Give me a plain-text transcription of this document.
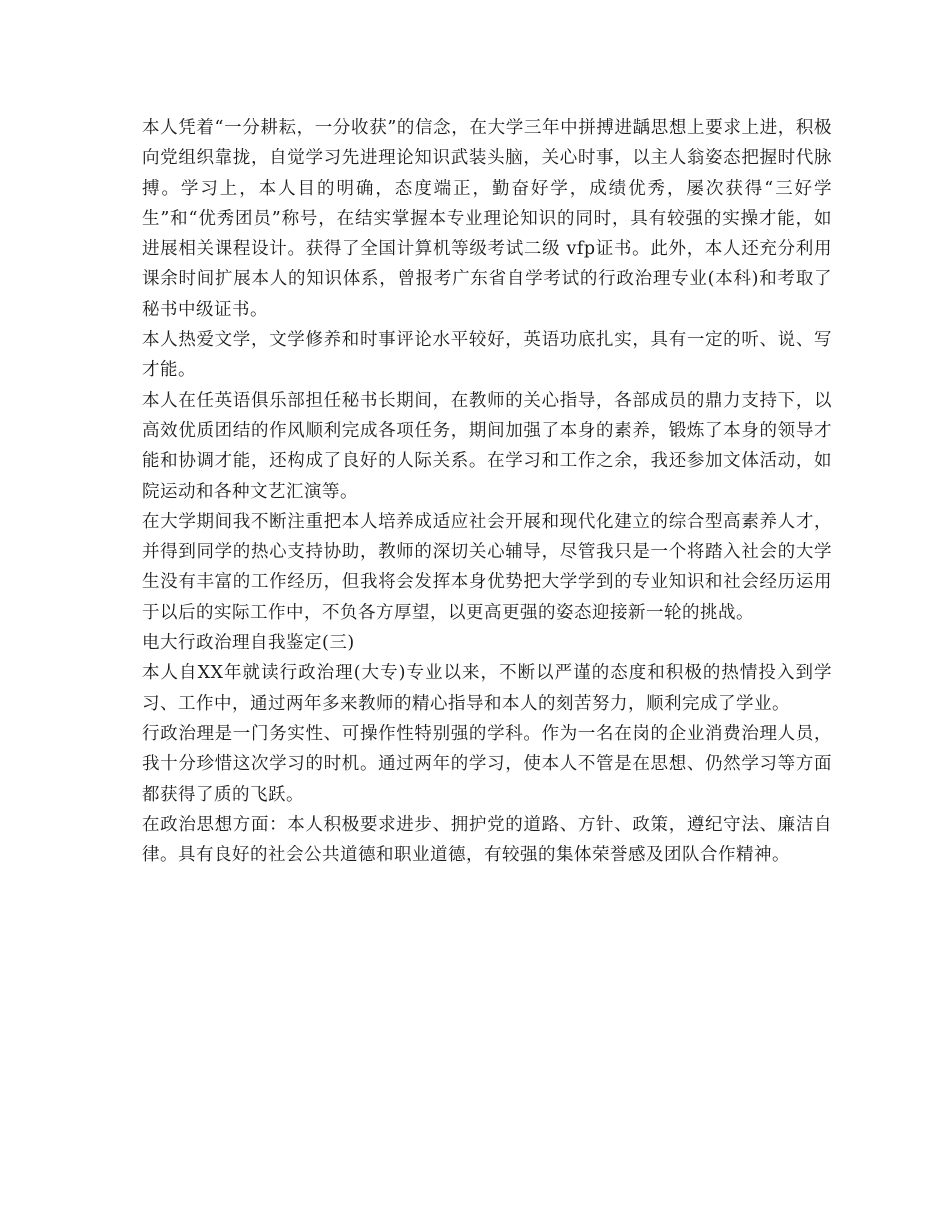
本人凭着“一分耕耘，一分收获”的信念，在大学三年中拼搏进龋思想上要求上进，积极向党组织靠拢，自觉学习先进理论知识武装头脑，关心时事，以主人翁姿态把握时代脉搏。学习上，本人目的明确，态度端正，勤奋好学，成绩优秀，屡次获得“三好学生”和“优秀团员”称号，在结实掌握本专业理论知识的同时，具有较强的实操才能，如进展相关课程设计。获得了全国计算机等级考试二级 vfp证书。此外，本人还充分利用课余时间扩展本人的知识体系，曾报考广东省自学考试的行政治理专业(本科)和考取了秘书中级证书。

本人热爱文学，文学修养和时事评论水平较好，英语功底扎实，具有一定的听、说、写才能。

本人在任英语俱乐部担任秘书长期间，在教师的关心指导，各部成员的鼎力支持下，以高效优质团结的作风顺利完成各项任务，期间加强了本身的素养，锻炼了本身的领导才能和协调才能，还构成了良好的人际关系。在学习和工作之余，我还参加文体活动，如院运动和各种文艺汇演等。

在大学期间我不断注重把本人培养成适应社会开展和现代化建立的综合型高素养人才，并得到同学的热心支持协助，教师的深切关心辅导，尽管我只是一个将踏入社会的大学生没有丰富的工作经历，但我将会发挥本身优势把大学学到的专业知识和社会经历运用于以后的实际工作中，不负各方厚望，以更高更强的姿态迎接新一轮的挑战。

电大行政治理自我鉴定(三)

本人自XX年就读行政治理(大专)专业以来，不断以严谨的态度和积极的热情投入到学习、工作中，通过两年多来教师的精心指导和本人的刻苦努力，顺利完成了学业。

行政治理是一门务实性、可操作性特别强的学科。作为一名在岗的企业消费治理人员，我十分珍惜这次学习的时机。通过两年的学习，使本人不管是在思想、仍然学习等方面都获得了质的飞跃。

在政治思想方面：本人积极要求进步、拥护党的道路、方针、政策，遵纪守法、廉洁自律。具有良好的社会公共道德和职业道德，有较强的集体荣誉感及团队合作精神。
